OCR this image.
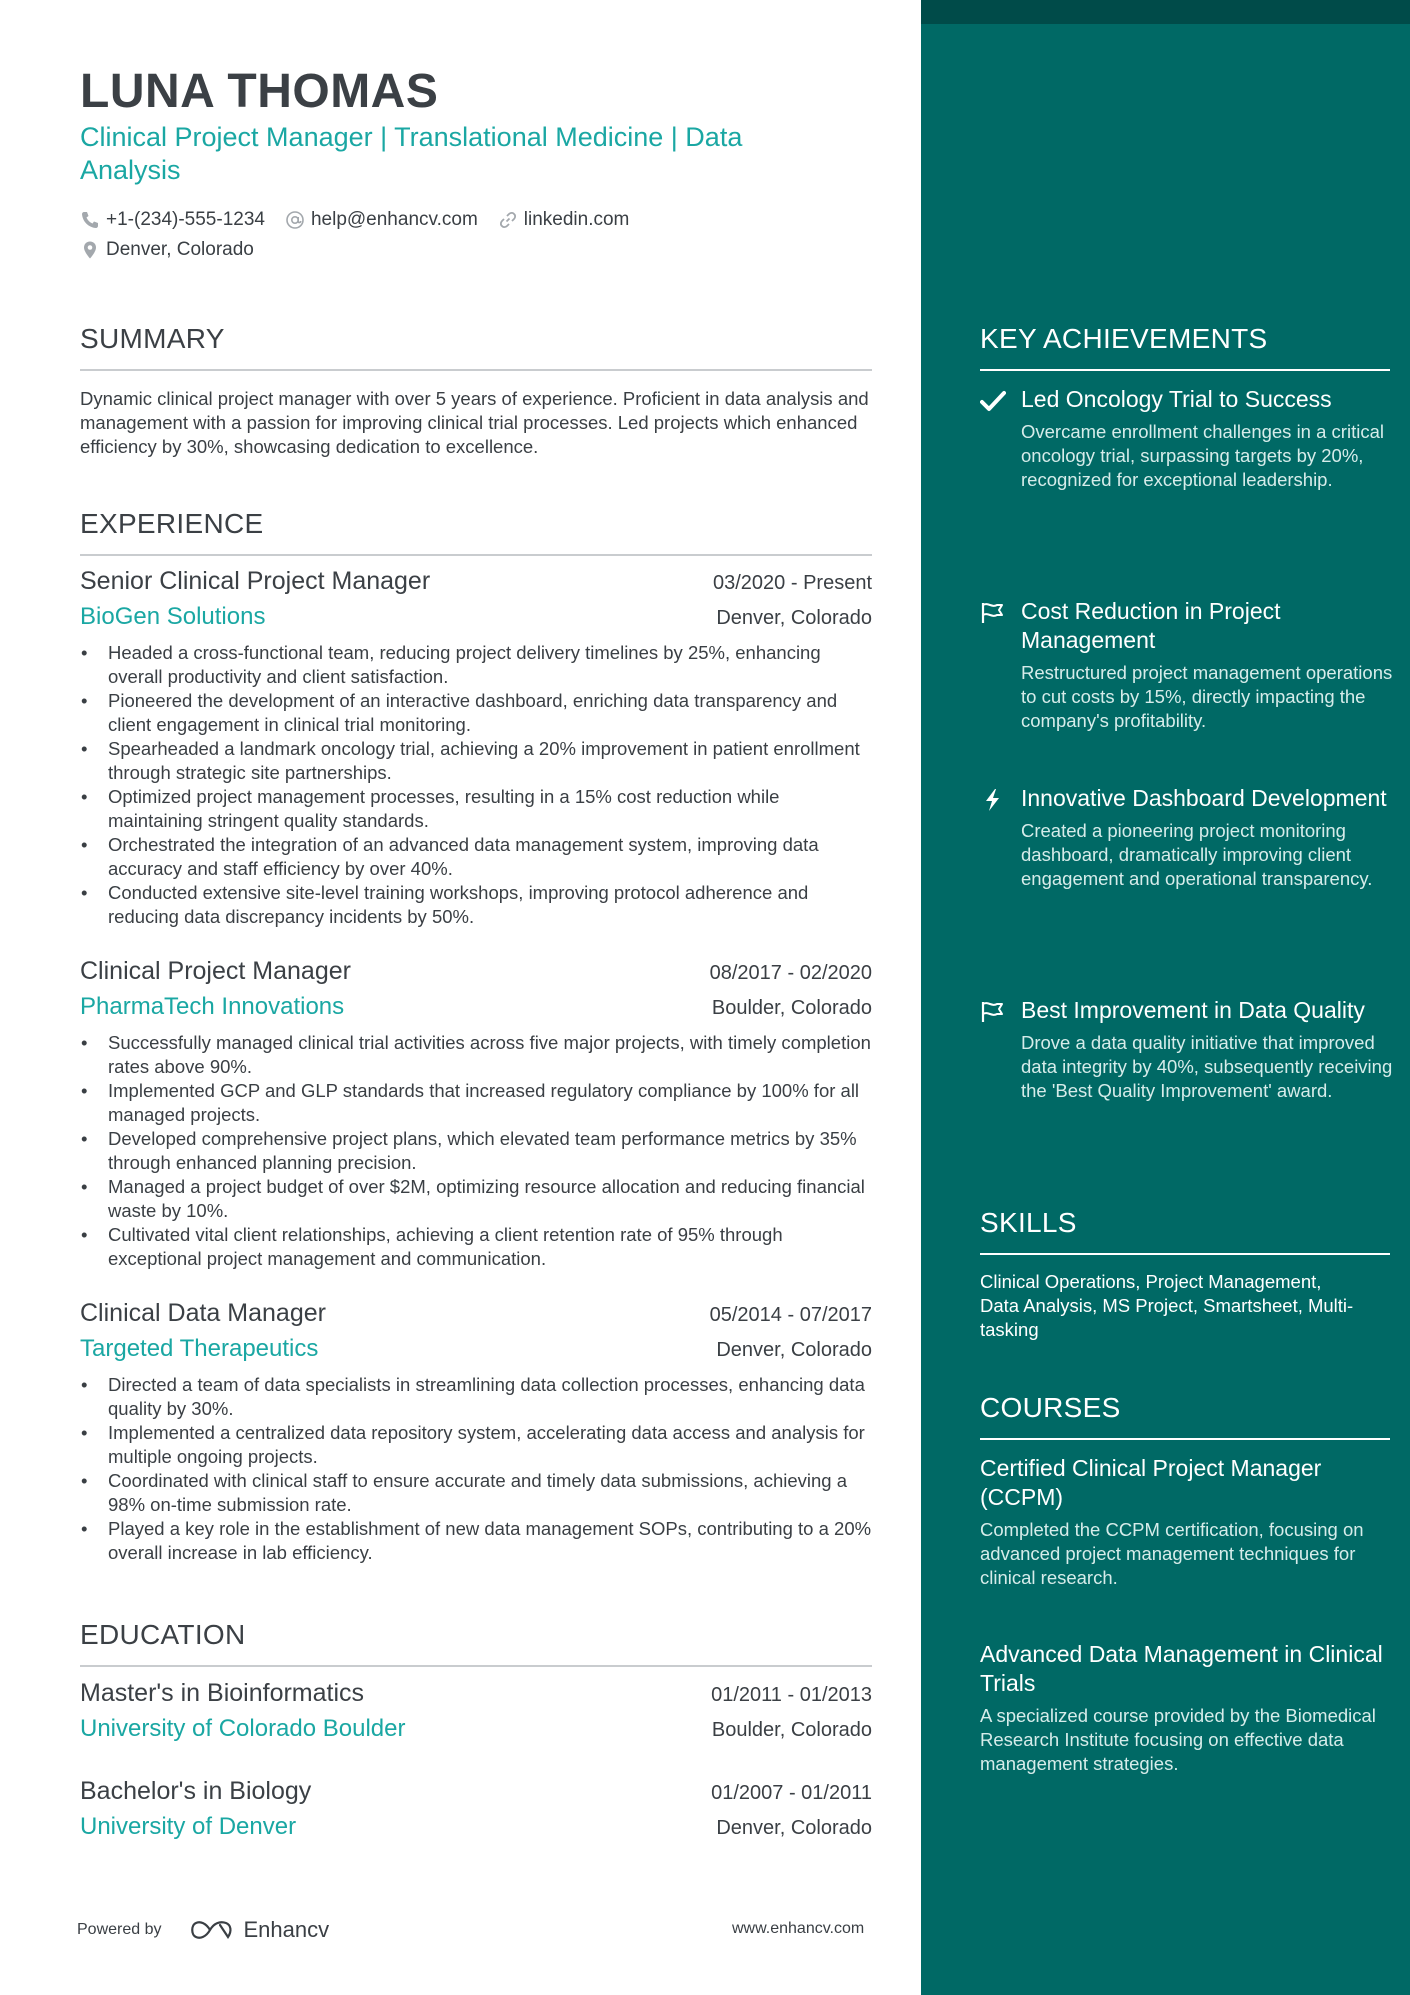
LUNA THOMAS
Clinical Project Manager | Translational Medicine | Data Analysis
+1-(234)-555-1234 help@enhancv.com linkedin.com
Denver, Colorado
SUMMARY
Dynamic clinical project manager with over 5 years of experience. Proficient in data analysis and management with a passion for improving clinical trial processes. Led projects which enhanced efficiency by 30%, showcasing dedication to excellence.
EXPERIENCE
Senior Clinical Project Manager	03/2020 - Present
BioGen Solutions	Denver, Colorado
• Headed a cross-functional team, reducing project delivery timelines by 25%, enhancing overall productivity and client satisfaction.
• Pioneered the development of an interactive dashboard, enriching data transparency and client engagement in clinical trial monitoring.
• Spearheaded a landmark oncology trial, achieving a 20% improvement in patient enrollment through strategic site partnerships.
• Optimized project management processes, resulting in a 15% cost reduction while maintaining stringent quality standards.
• Orchestrated the integration of an advanced data management system, improving data accuracy and staff efficiency by over 40%.
• Conducted extensive site-level training workshops, improving protocol adherence and reducing data discrepancy incidents by 50%.
Clinical Project Manager	08/2017 - 02/2020
PharmaTech Innovations	Boulder, Colorado
• Successfully managed clinical trial activities across five major projects, with timely completion rates above 90%.
• Implemented GCP and GLP standards that increased regulatory compliance by 100% for all managed projects.
• Developed comprehensive project plans, which elevated team performance metrics by 35% through enhanced planning precision.
• Managed a project budget of over $2M, optimizing resource allocation and reducing financial waste by 10%.
• Cultivated vital client relationships, achieving a client retention rate of 95% through exceptional project management and communication.
Clinical Data Manager	05/2014 - 07/2017
Targeted Therapeutics	Denver, Colorado
• Directed a team of data specialists in streamlining data collection processes, enhancing data quality by 30%.
• Implemented a centralized data repository system, accelerating data access and analysis for multiple ongoing projects.
• Coordinated with clinical staff to ensure accurate and timely data submissions, achieving a 98% on-time submission rate.
• Played a key role in the establishment of new data management SOPs, contributing to a 20% overall increase in lab efficiency.
EDUCATION
Master's in Bioinformatics	01/2011 - 01/2013
University of Colorado Boulder	Boulder, Colorado
Bachelor's in Biology	01/2007 - 01/2011
University of Denver	Denver, Colorado
Powered by	Enhancv	www.enhancv.com
KEY ACHIEVEMENTS
Led Oncology Trial to Success
Overcame enrollment challenges in a critical oncology trial, surpassing targets by 20%, recognized for exceptional leadership.
Cost Reduction in Project Management
Restructured project management operations to cut costs by 15%, directly impacting the company's profitability.
Innovative Dashboard Development
Created a pioneering project monitoring dashboard, dramatically improving client engagement and operational transparency.
Best Improvement in Data Quality
Drove a data quality initiative that improved data integrity by 40%, subsequently receiving the 'Best Quality Improvement' award.
SKILLS
Clinical Operations, Project Management, Data Analysis, MS Project, Smartsheet, Multi-tasking
COURSES
Certified Clinical Project Manager (CCPM)
Completed the CCPM certification, focusing on advanced project management techniques for clinical research.
Advanced Data Management in Clinical Trials
A specialized course provided by the Biomedical Research Institute focusing on effective data management strategies.
